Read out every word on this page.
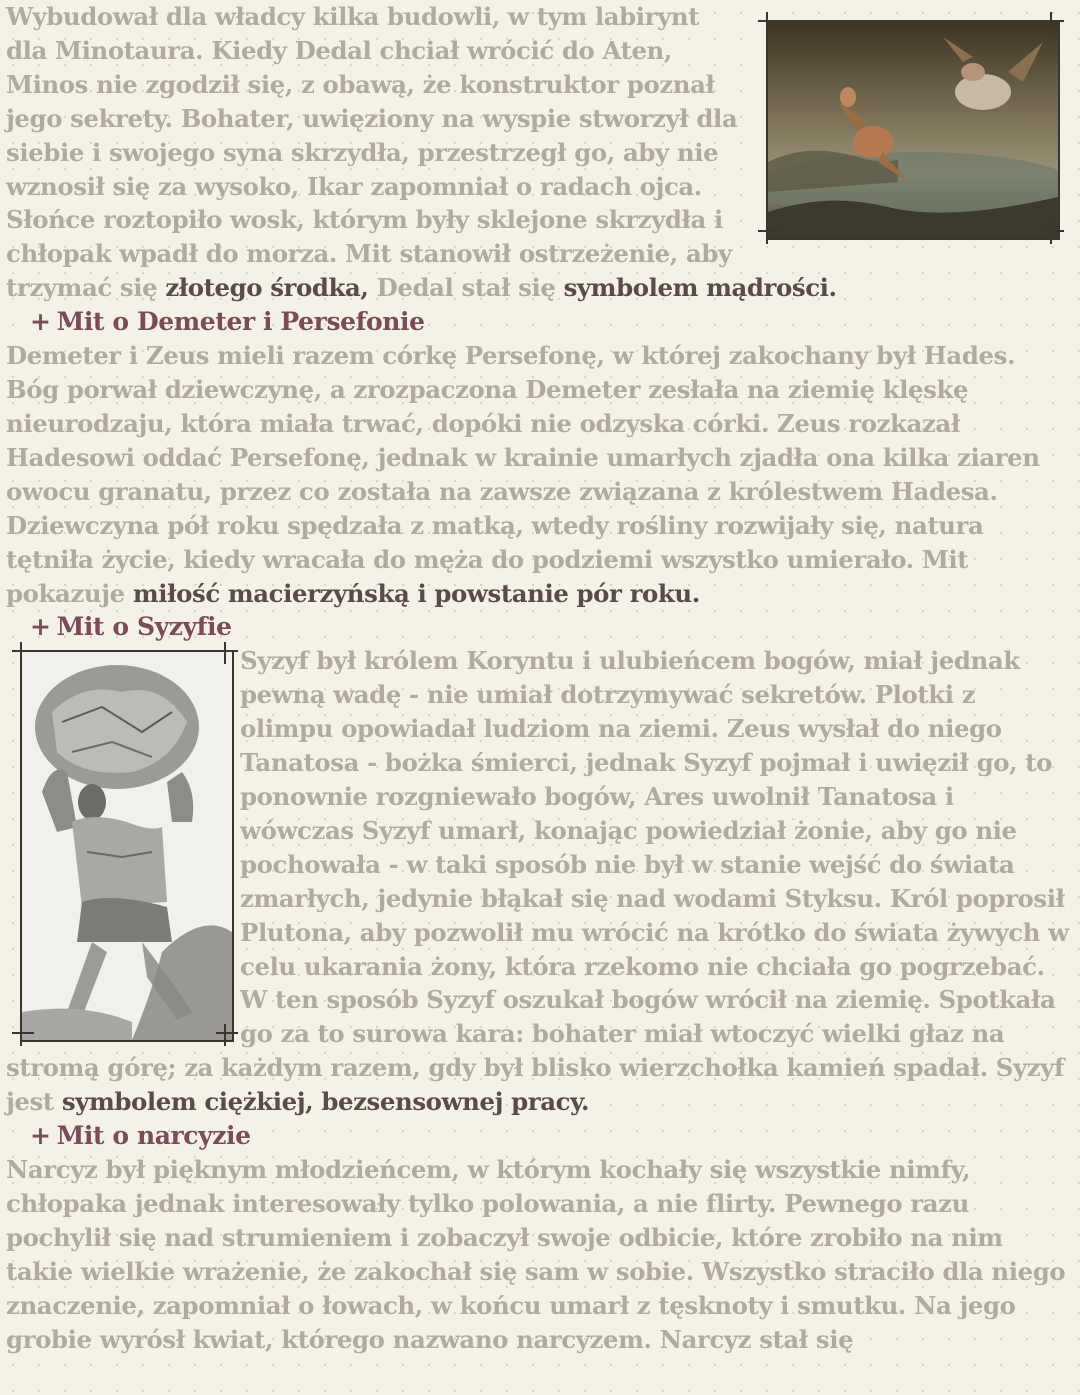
Wybudował dla władcy kilka budowli, w tym labirynt dla Minotaura. Kiedy Dedal chciał wrócić do Aten, Minos nie zgodził się, z obawą, że konstruktor poznał jego sekrety. Bohater, uwięziony na wyspie stworzył dla siebie i swojego syna skrzydła, przestrzegł go, aby nie wznosił się za wysoko, Ikar zapomniał o radach ojca. Słońce roztopiło wosk, którym były sklejone skrzydła i chłopak wpadł do morza. Mit stanowił ostrzeżenie, aby trzymać się złotego środka, Dedal stał się symbolem mądrości.

+ Mit o Demeter i Persefonie

Demeter i Zeus mieli razem córkę Persefonę, w której zakochany był Hades. Bóg porwał dziewczynę, a zrozpaczona Demeter zesłała na ziemię klęskę nieurodzaju, która miała trwać, dopóki nie odzyska córki. Zeus rozkazał Hadesowi oddać Persefonę, jednak w krainie umarłych zjadła ona kilka ziaren owocu granatu, przez co została na zawsze związana z królestwem Hadesa. Dziewczyna pół roku spędzała z matką, wtedy rośliny rozwijały się, natura tętniła życie, kiedy wracała do męża do podziemi wszystko umierało. Mit pokazuje miłość macierzyńską i powstanie pór roku.

+ Mit o Syzyfie

Syzyf był królem Koryntu i ulubieńcem bogów, miał jednak pewną wadę - nie umiał dotrzymywać sekretów. Plotki z olimpu opowiadał ludziom na ziemi. Zeus wysłał do niego Tanatosa - bożka śmierci, jednak Syzyf pojmał i uwięził go, to ponownie rozgniewało bogów, Ares uwolnił Tanatosa i wówczas Syzyf umarł, konając powiedział żonie, aby go nie pochowała - w taki sposób nie był w stanie wejść do świata zmarłych, jedynie błąkał się nad wodami Styksu. Król poprosił Plutona, aby pozwolił mu wrócić na krótko do świata żywych w celu ukarania żony, która rzekomo nie chciała go pogrzebać. W ten sposób Syzyf oszukał bogów wrócił na ziemię. Spotkała go za to surowa kara: bohater miał wtoczyć wielki głaz na stromą górę; za każdym razem, gdy był blisko wierzchołka kamień spadał. Syzyf jest symbolem ciężkiej, bezsensownej pracy.

+ Mit o narcyzie

Narcyz był pięknym młodzieńcem, w którym kochały się wszystkie nimfy, chłopaka jednak interesowały tylko polowania, a nie flirty. Pewnego razu pochylił się nad strumieniem i zobaczył swoje odbicie, które zrobiło na nim takie wielkie wrażenie, że zakochał się sam w sobie. Wszystko straciło dla niego znaczenie, zapomniał o łowach, w końcu umarł z tęsknoty i smutku. Na jego grobie wyrósł kwiat, którego nazwano narcyzem. Narcyz stał się
